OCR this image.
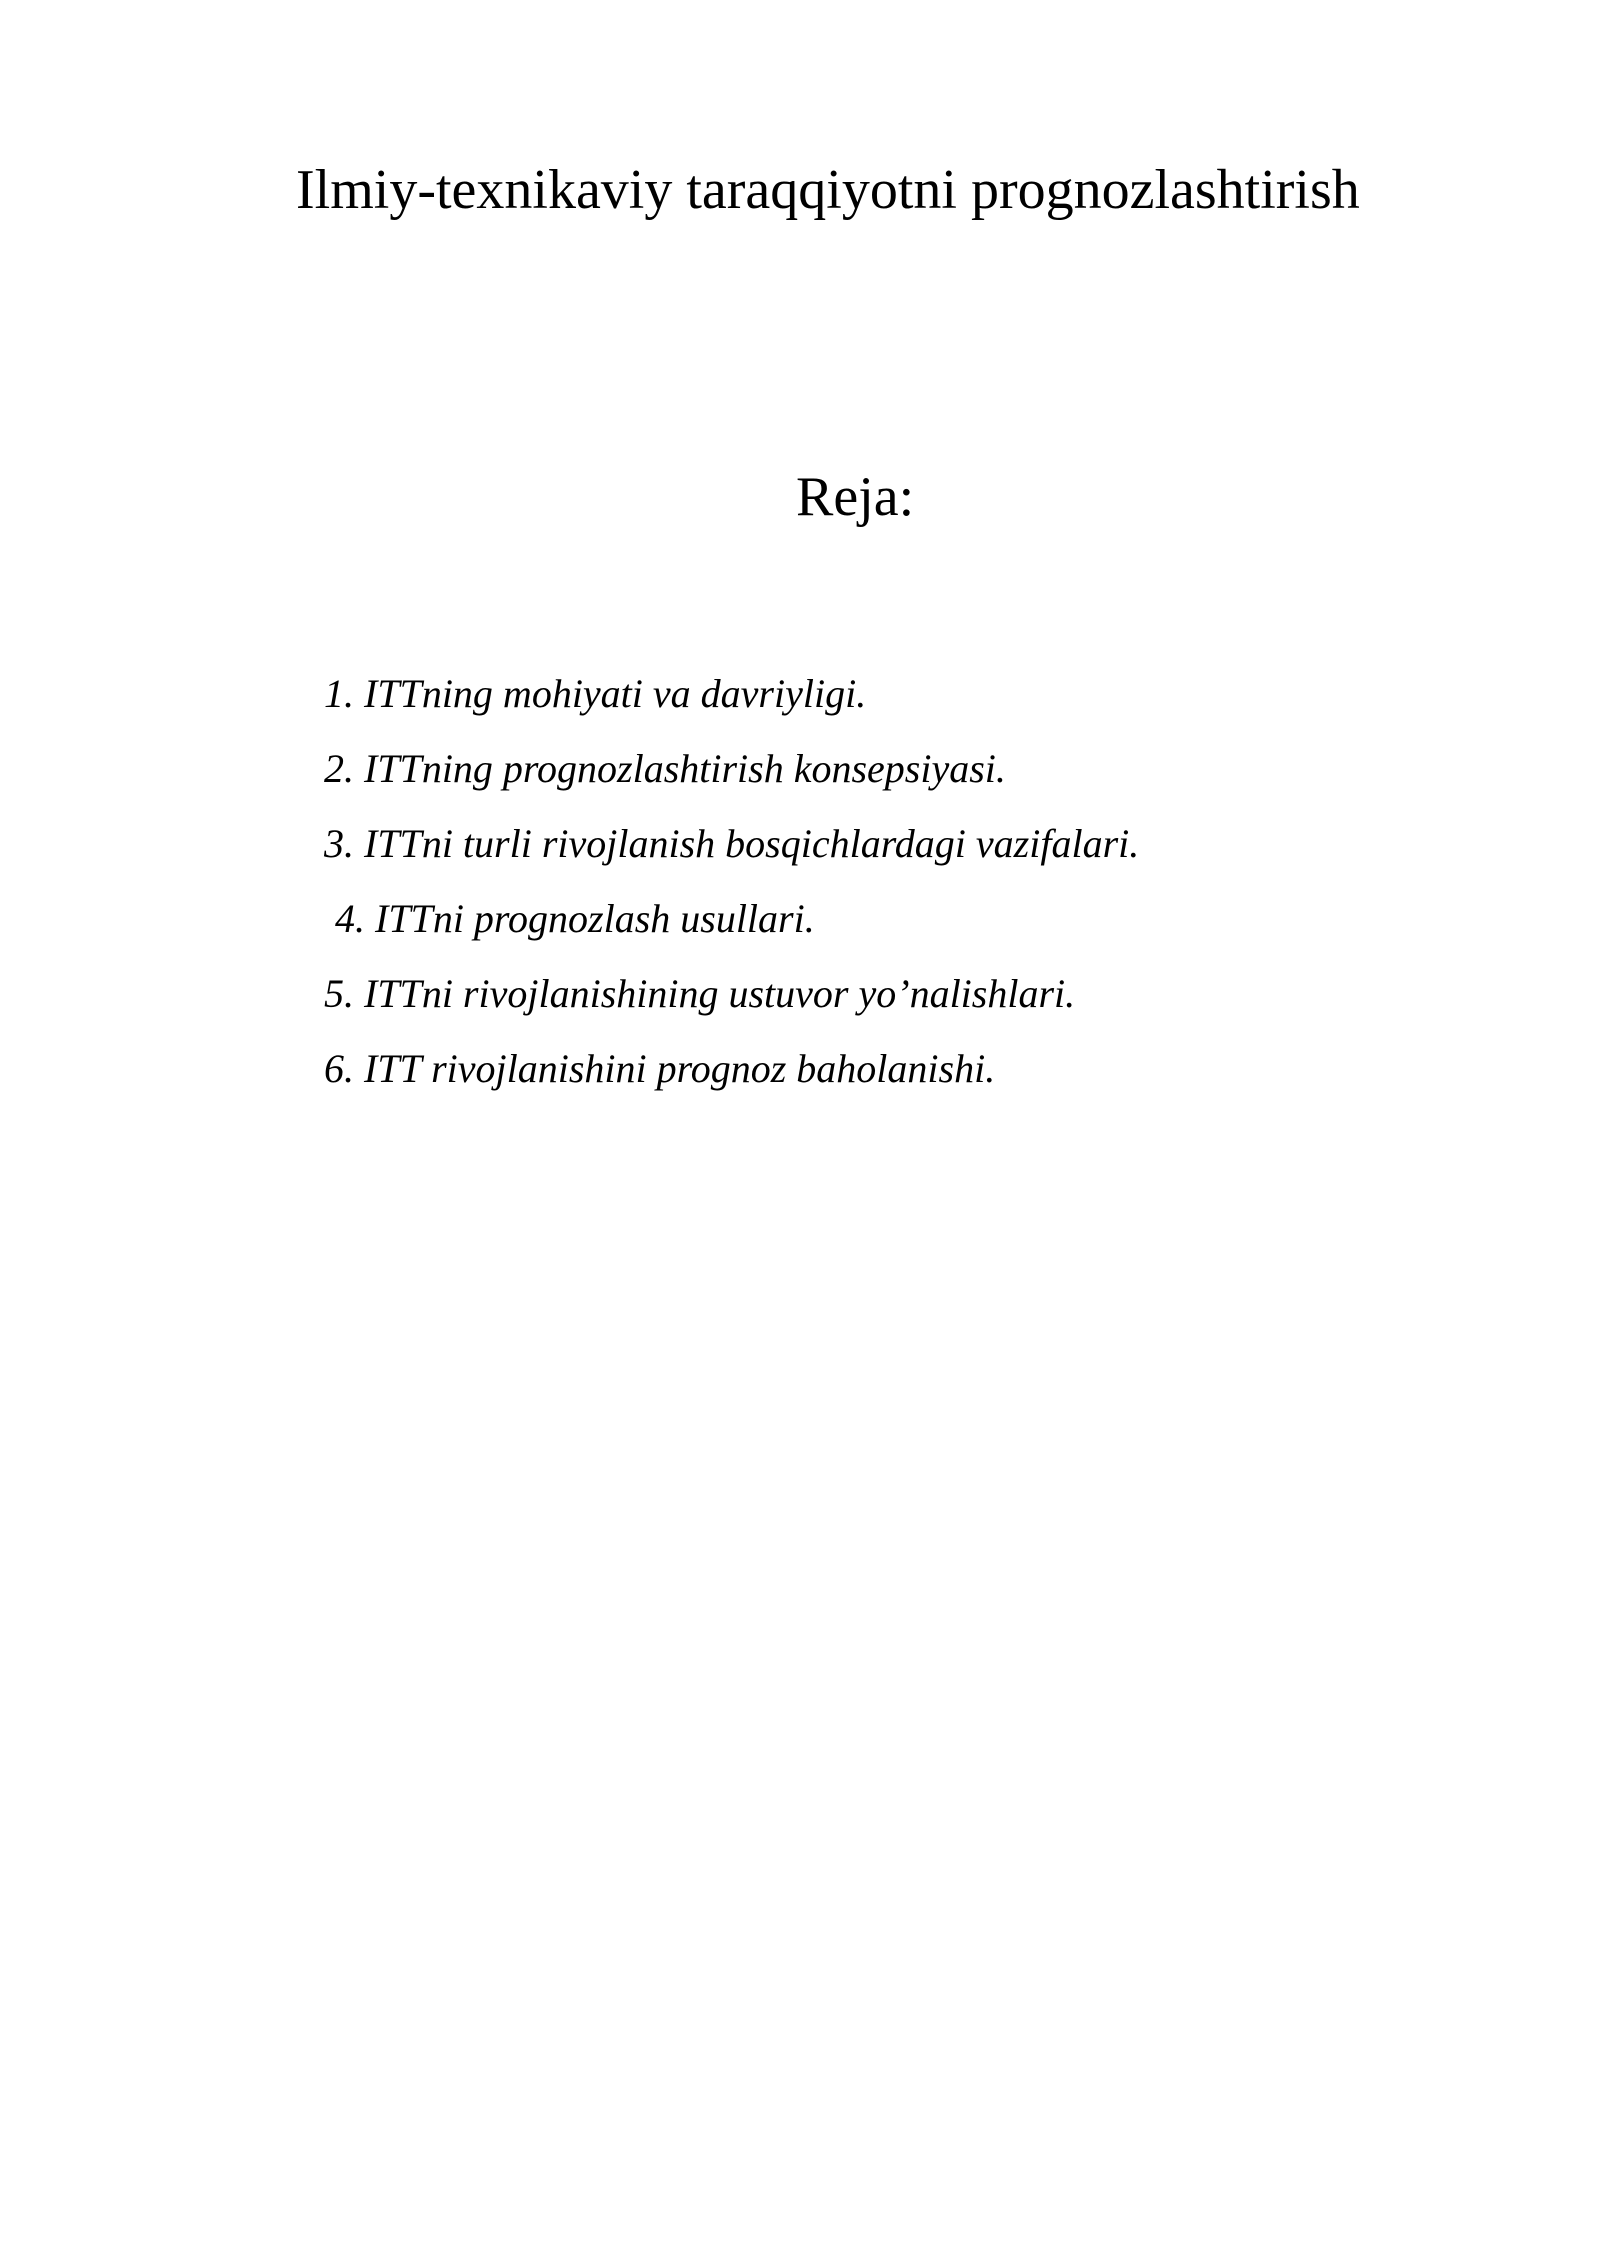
Ilmiy-texnikaviy taraqqiyotni prognozlashtirish
Reja:
1. ITTning mohiyati va davriyligi.
2. ITTning prognozlashtirish konsepsiyasi.
3. ITTni turli rivojlanish bosqichlardagi vazifalari.
4. ITTni prognozlash usullari.
5. ITTni rivojlanishining ustuvor yo’nalishlari.
6. ITT rivojlanishini prognoz baholanishi.
